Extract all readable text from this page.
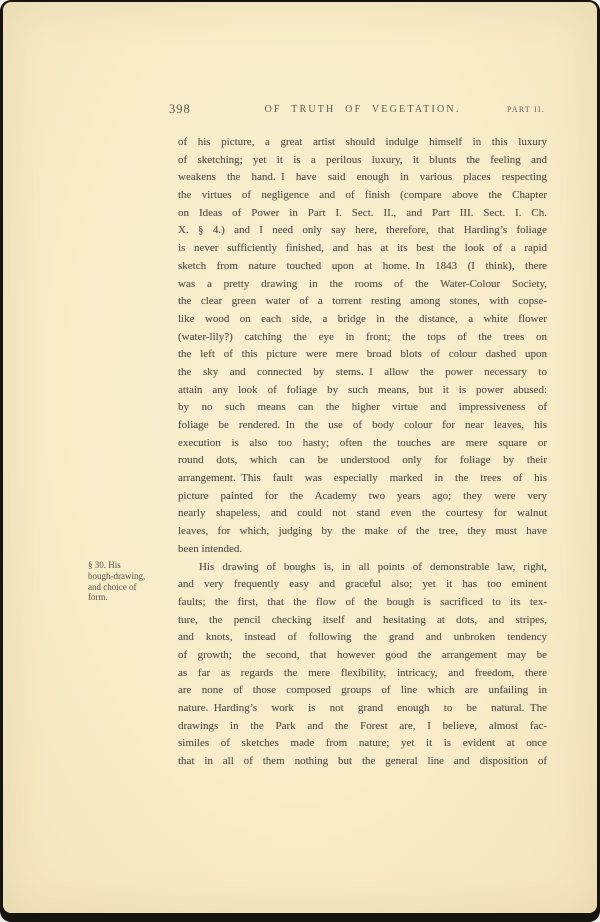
398	OF TRUTH OF VEGETATION.	PART II.
§ 30. His
bough-drawing,
and choice of
form.
of his picture, a great artist should indulge himself in this luxury
of sketching; yet it is a perilous luxury, it blunts the feeling and
weakens the hand. I have said enough in various places respecting
the virtues of negligence and of finish (compare above the Chapter
on Ideas of Power in Part I. Sect. II., and Part III. Sect. I. Ch.
X. § 4.) and I need only say here, therefore, that Harding’s foliage
is never sufficiently finished, and has at its best the look of a rapid
sketch from nature touched upon at home. In 1843 (I think), there
was a pretty drawing in the rooms of the Water-Colour Society,
the clear green water of a torrent resting among stones, with copse-
like wood on each side, a bridge in the distance, a white flower
(water-lily?) catching the eye in front; the tops of the trees on
the left of this picture were mere broad blots of colour dashed upon
the sky and connected by stems. I allow the power necessary to
attain any look of foliage by such means, but it is power abused:
by no such means can the higher virtue and impressiveness of
foliage be rendered. In the use of body colour for near leaves, his
execution is also too hasty; often the touches are mere square or
round dots, which can be understood only for foliage by their
arrangement. This fault was especially marked in the trees of his
picture painted for the Academy two years ago; they were very
nearly shapeless, and could not stand even the courtesy for walnut
leaves, for which, judging by the make of the tree, they must have
been intended.
His drawing of boughs is, in all points of demonstrable law, right,
and very frequently easy and graceful also; yet it has too eminent
faults; the first, that the flow of the bough is sacrificed to its tex-
ture, the pencil checking itself and hesitating at dots, and stripes,
and knots, instead of following the grand and unbroken tendency
of growth; the second, that however good the arrangement may be
as far as regards the mere flexibility, intricacy, and freedom, there
are none of those composed groups of line which are unfailing in
nature. Harding’s work is not grand enough to be natural. The
drawings in the Park and the Forest are, I believe, almost fac-
similes of sketches made from nature; yet it is evident at once
that in all of them nothing but the general line and disposition of
